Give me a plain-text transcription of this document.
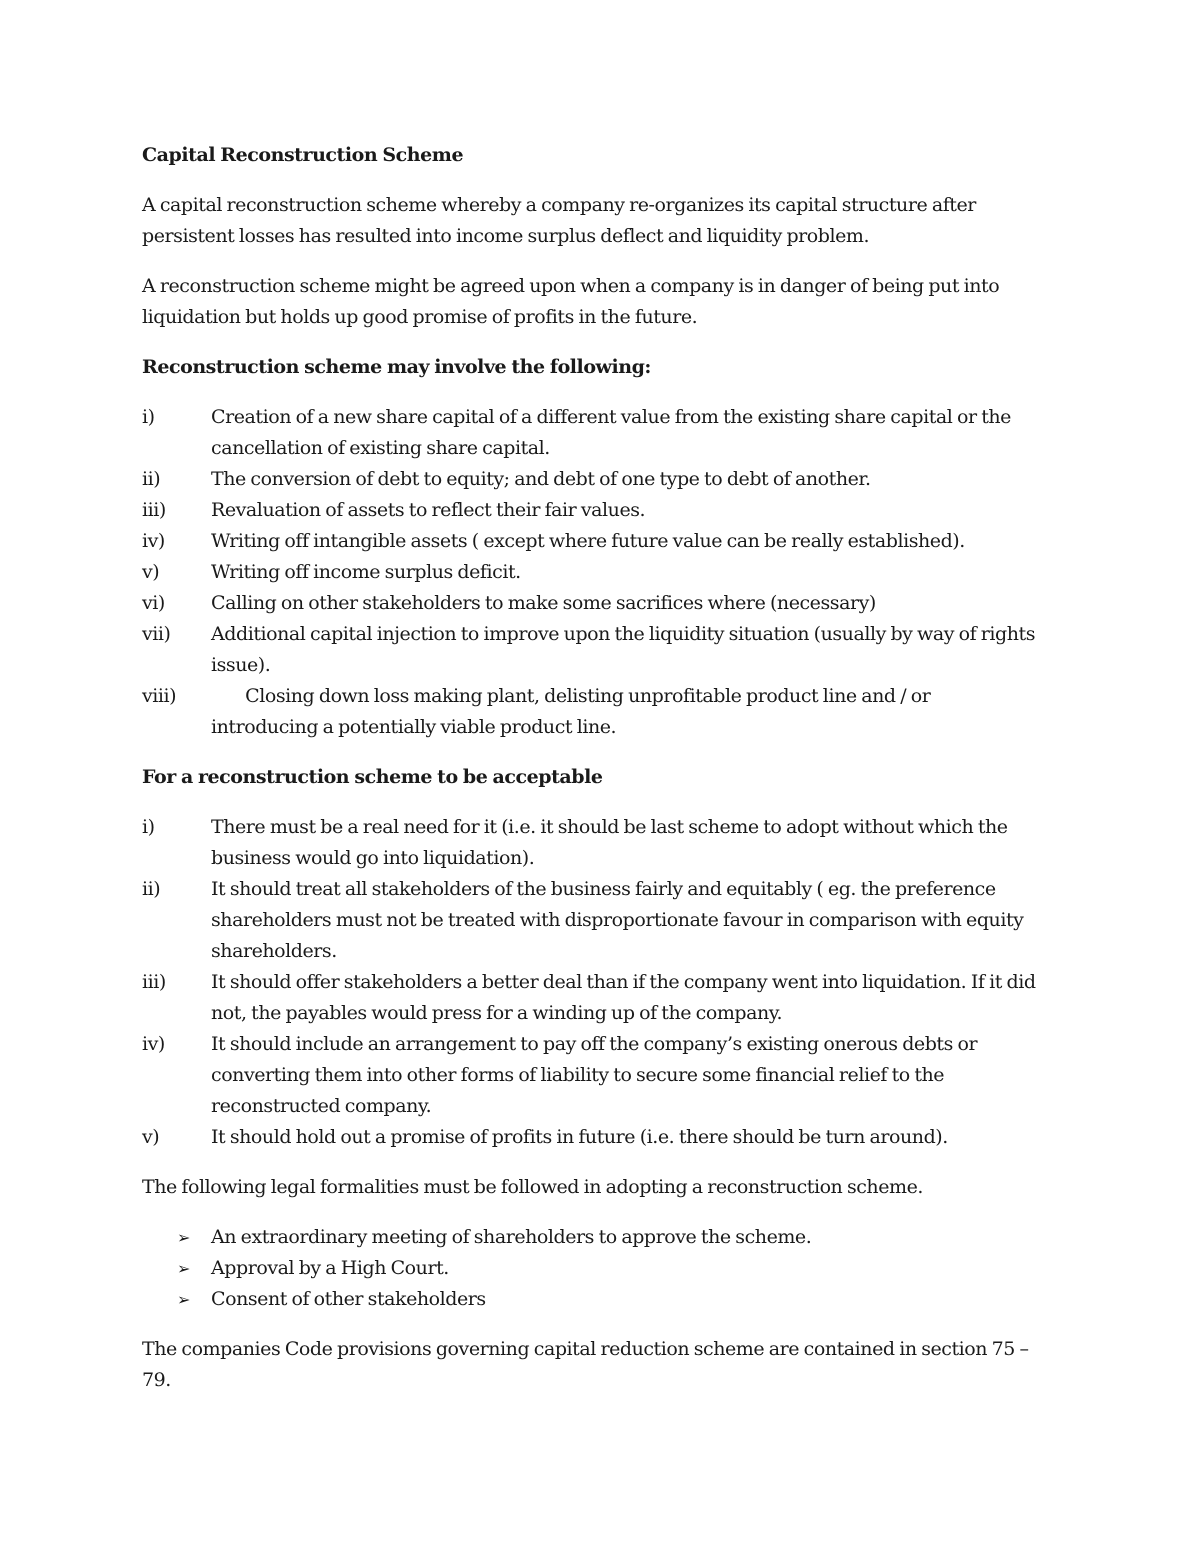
Capital Reconstruction Scheme

A capital reconstruction scheme whereby a company re-organizes its capital structure after persistent losses has resulted into income surplus deflect and liquidity problem.

A reconstruction scheme might be agreed upon when a company is in danger of being put into liquidation but holds up good promise of profits in the future.

Reconstruction scheme may involve the following:

i)	Creation of a new share capital of a different value from the existing share capital or the cancellation of existing share capital.
ii)	The conversion of debt to equity; and debt of one type to debt of another.
iii)	Revaluation of assets to reflect their fair values.
iv)	Writing off intangible assets ( except where future value can be really established).
v)	Writing off income surplus deficit.
vi)	Calling on other stakeholders to make some sacrifices where (necessary)
vii)	Additional capital injection to improve upon the liquidity situation (usually by way of rights issue).
viii)	Closing down loss making plant, delisting unprofitable product line and / or
introducing a potentially viable product line.

For a reconstruction scheme to be acceptable

i)	There must be a real need for it (i.e. it should be last scheme to adopt without which the business would go into liquidation).
ii)	It should treat all stakeholders of the business fairly and equitably ( eg. the preference shareholders must not be treated with disproportionate favour in comparison with equity shareholders.
iii)	It should offer stakeholders a better deal than if the company went into liquidation. If it did not, the payables would press for a winding up of the company.
iv)	It should include an arrangement to pay off the company’s existing onerous debts or converting them into other forms of liability to secure some financial relief to the reconstructed company.
v)	It should hold out a promise of profits in future (i.e. there should be turn around).

The following legal formalities must be followed in adopting a reconstruction scheme.

➢	An extraordinary meeting of shareholders to approve the scheme.
➢	Approval by a High Court.
➢	Consent of other stakeholders

The companies Code provisions governing capital reduction scheme are contained in section 75 – 79.
